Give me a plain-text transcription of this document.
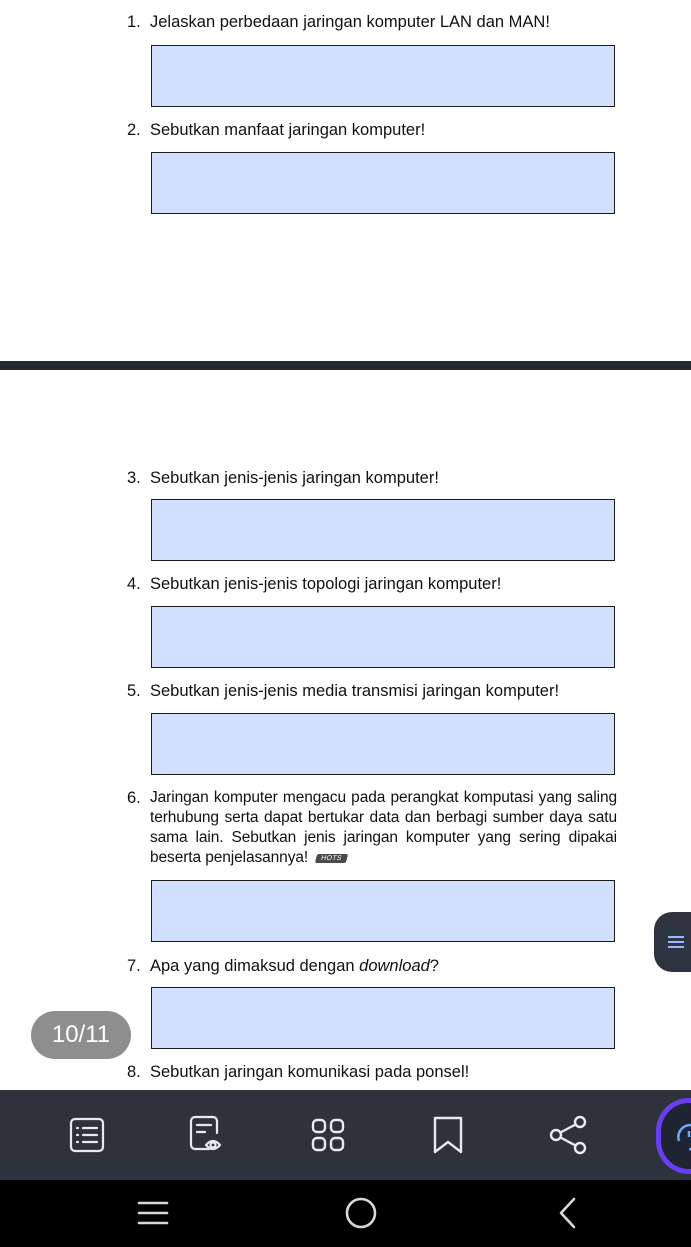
1. Jelaskan perbedaan jaringan komputer LAN dan MAN!
2. Sebutkan manfaat jaringan komputer!
3. Sebutkan jenis-jenis jaringan komputer!
4. Sebutkan jenis-jenis topologi jaringan komputer!
5. Sebutkan jenis-jenis media transmisi jaringan komputer!
6. Jaringan komputer mengacu pada perangkat komputasi yang saling terhubung serta dapat bertukar data dan berbagi sumber daya satu sama lain. Sebutkan jenis jaringan komputer yang sering dipakai beserta penjelasannya! HOTS
7. Apa yang dimaksud dengan download?
8. Sebutkan jaringan komunikasi pada ponsel!
10/11
